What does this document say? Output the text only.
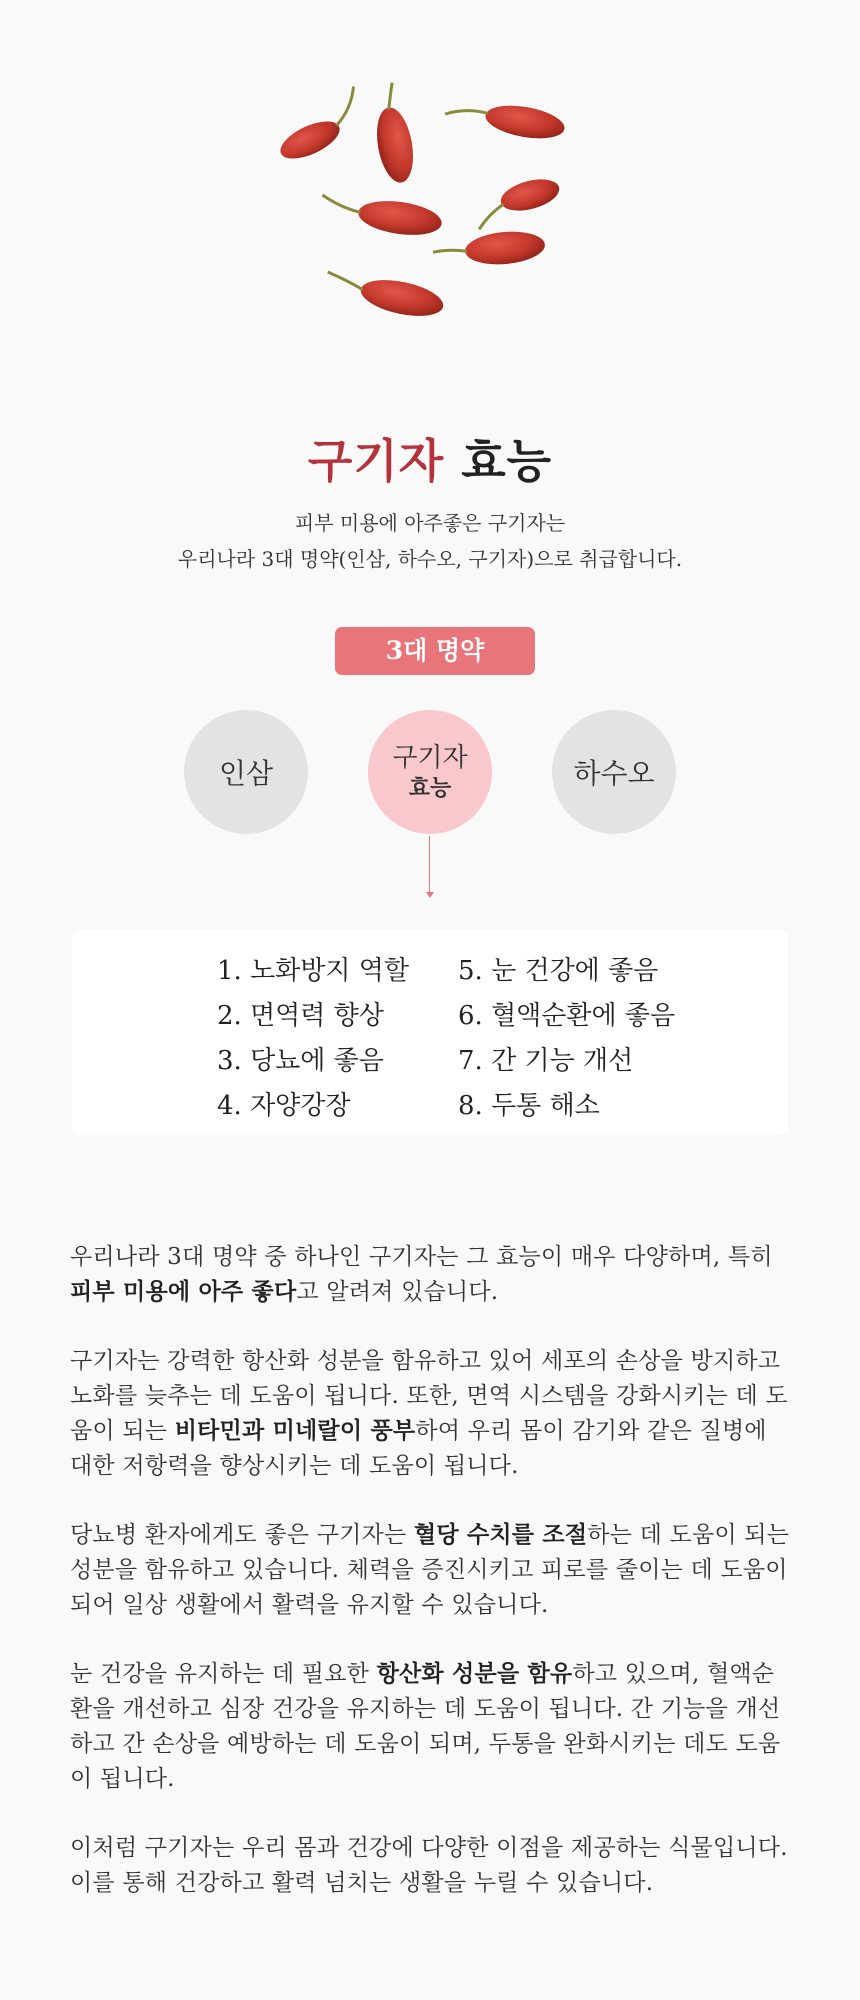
구기자 효능
피부 미용에 아주좋은 구기자는
우리나라 3대 명약(인삼, 하수오, 구기자)으로 취급합니다.
3대 명약
인삼	구기자
효능	하수오
1. 노화방지 역할
2. 면역력 향상
3. 당뇨에 좋음
4. 자양강장
5. 눈 건강에 좋음
6. 혈액순환에 좋음
7. 간 기능 개선
8. 두통 해소

우리나라 3대 명약 중 하나인 구기자는 그 효능이 매우 다양하며, 특히 피부 미용에 아주 좋다고 알려져 있습니다.

구기자는 강력한 항산화 성분을 함유하고 있어 세포의 손상을 방지하고 노화를 늦추는 데 도움이 됩니다. 또한, 면역 시스템을 강화시키는 데 도움이 되는 비타민과 미네랄이 풍부하여 우리 몸이 감기와 같은 질병에 대한 저항력을 향상시키는 데 도움이 됩니다.

당뇨병 환자에게도 좋은 구기자는 혈당 수치를 조절하는 데 도움이 되는 성분을 함유하고 있습니다. 체력을 증진시키고 피로를 줄이는 데 도움이 되어 일상 생활에서 활력을 유지할 수 있습니다.

눈 건강을 유지하는 데 필요한 항산화 성분을 함유하고 있으며, 혈액순환을 개선하고 심장 건강을 유지하는 데 도움이 됩니다. 간 기능을 개선하고 간 손상을 예방하는 데 도움이 되며, 두통을 완화시키는 데도 도움이 됩니다.

이처럼 구기자는 우리 몸과 건강에 다양한 이점을 제공하는 식물입니다. 이를 통해 건강하고 활력 넘치는 생활을 누릴 수 있습니다.
